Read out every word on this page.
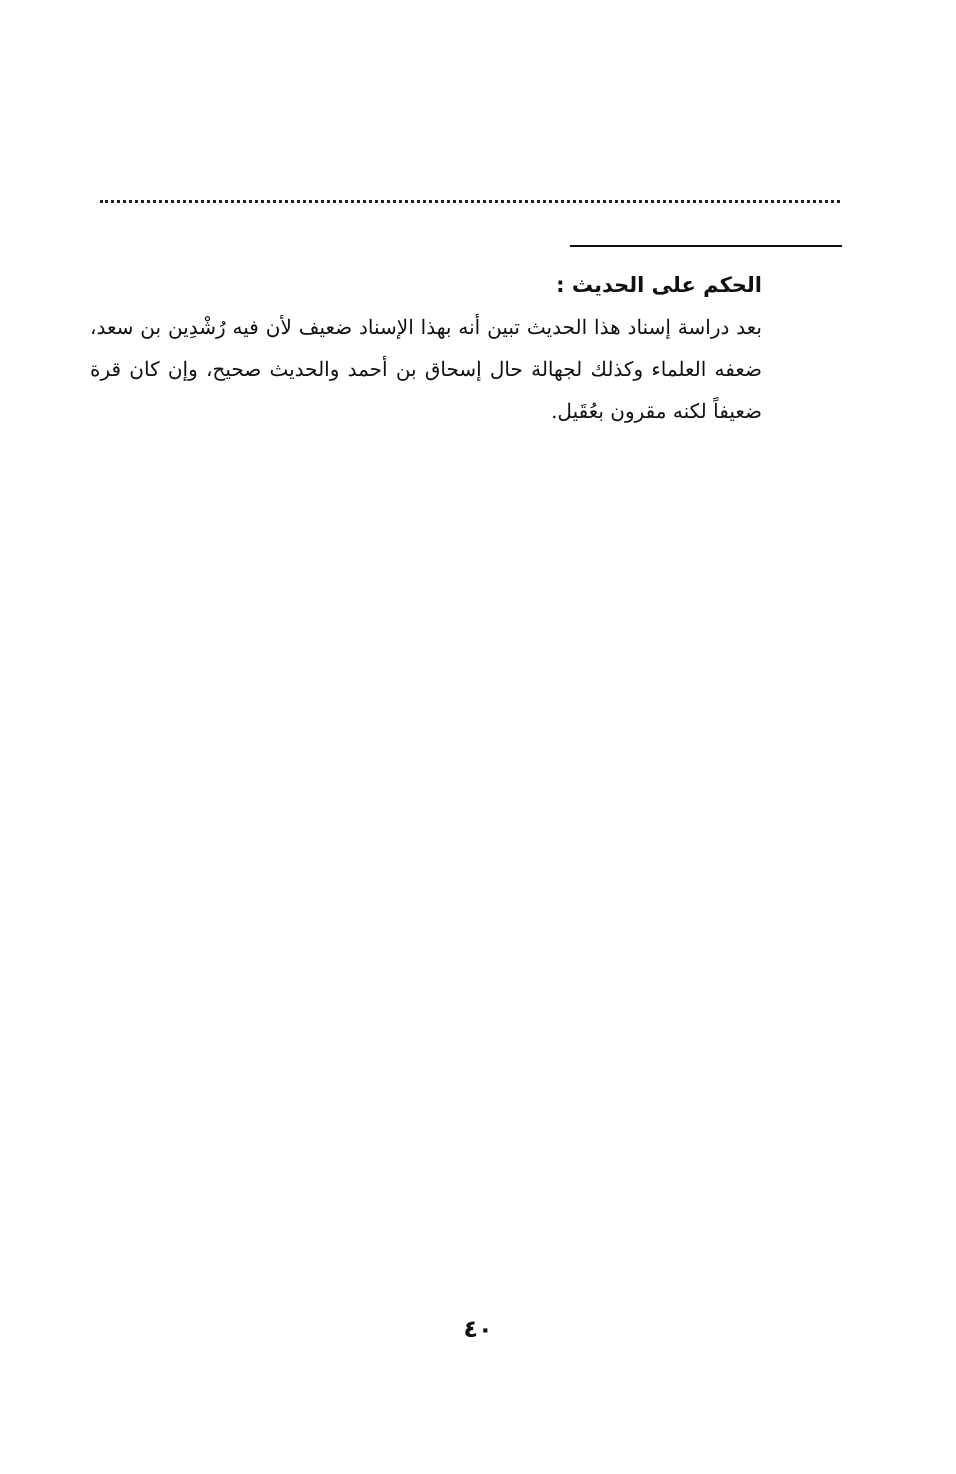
الحكم على الحديث :

بعد دراسة إسناد هذا الحديث تبين أنه بهذا الإسناد ضعيف لأن فيه رُشْدِين بن سعد، ضعفه العلماء وكذلك لجهالة حال إسحاق بن أحمد والحديث صحيح، وإن كان قرة ضعيفاً لكنه مقرون بعُقَيل.

٤٠
